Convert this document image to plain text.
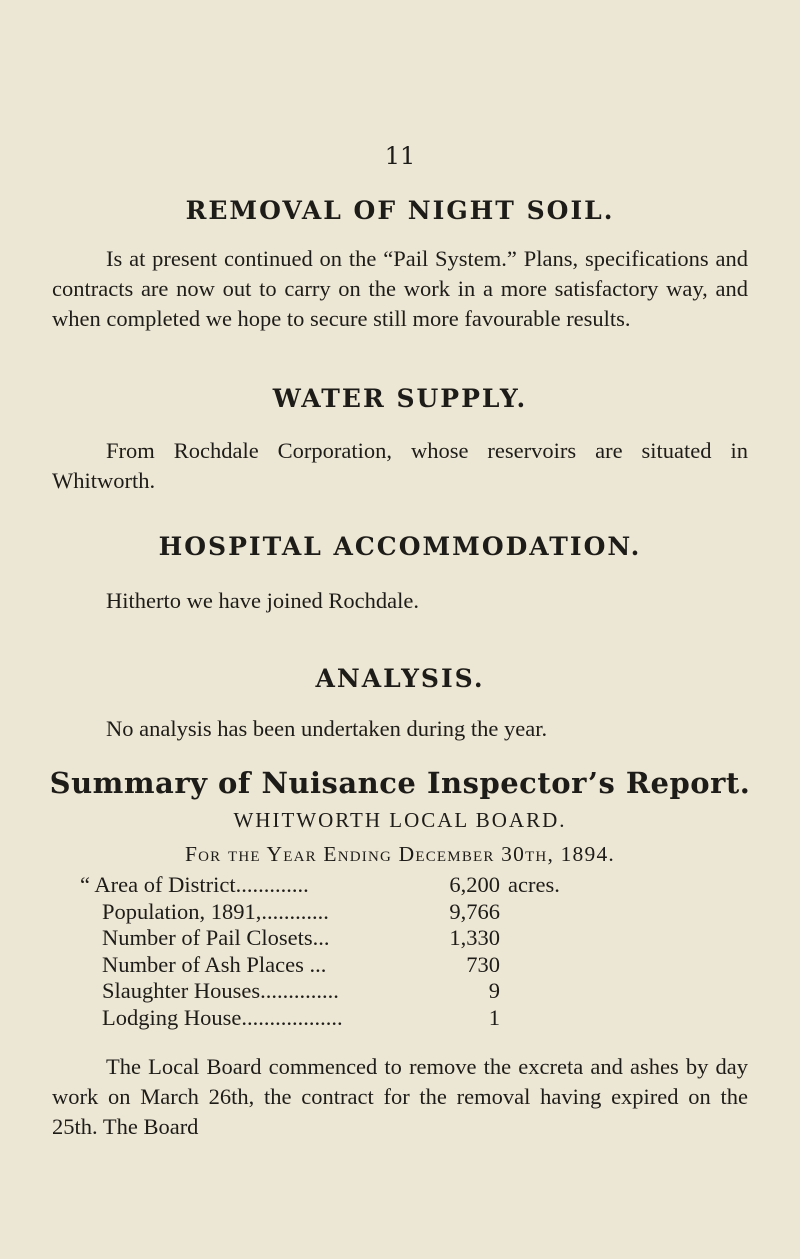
11
REMOVAL OF NIGHT SOIL.
Is at present continued on the “Pail System.” Plans, specifications and contracts are now out to carry on the work in a more satisfactory way, and when completed we hope to secure still more favourable results.
WATER SUPPLY.
From Rochdale Corporation, whose reservoirs are situated in Whitworth.
HOSPITAL ACCOMMODATION.
Hitherto we have joined Rochdale.
ANALYSIS.
No analysis has been undertaken during the year.
Summary of Nuisance Inspector’s Report.
WHITWORTH LOCAL BOARD.
For the Year Ending December 30th, 1894.
“ Area of District.............	6,200 acres.
Population, 1891,............	9,766
Number of Pail Closets...	1,330
Number of Ash Places ...	730
Slaughter Houses..............	9
Lodging House..................	1
The Local Board commenced to remove the excreta and ashes by day work on March 26th, the contract for the removal having expired on the 25th. The Board
